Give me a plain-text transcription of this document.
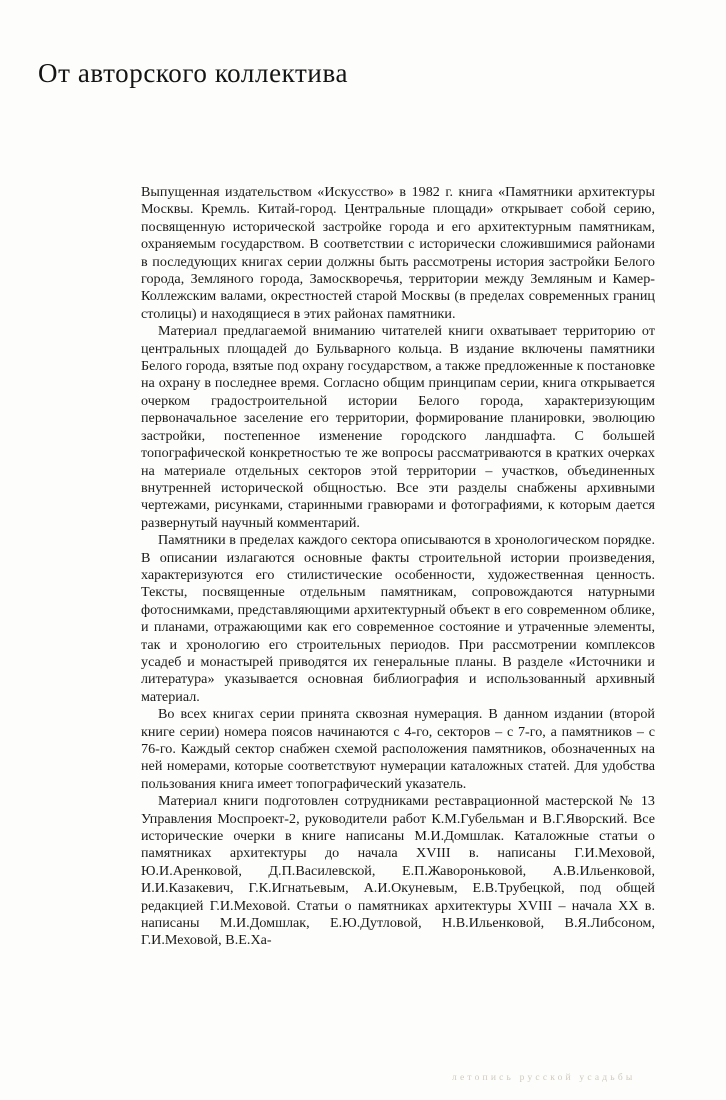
От авторского коллектива

Выпущенная издательством «Искусство» в 1982 г. книга «Памятники архитектуры Москвы. Кремль. Китай-город. Центральные площади» открывает собой серию, посвященную исторической застройке города и его архитектурным памятникам, охраняемым государством. В соответствии с исторически сложившимися районами в последующих книгах серии должны быть рассмотрены история застройки Белого города, Земляного города, Замоскворечья, территории между Земляным и Камер-Коллежским валами, окрестностей старой Москвы (в пределах современных границ столицы) и находящиеся в этих районах памятники.

Материал предлагаемой вниманию читателей книги охватывает территорию от центральных площадей до Бульварного кольца. В издание включены памятники Белого города, взятые под охрану государством, а также предложенные к постановке на охрану в последнее время. Согласно общим принципам серии, книга открывается очерком градостроительной истории Белого города, характеризующим первоначальное заселение его территории, формирование планировки, эволюцию застройки, постепенное изменение городского ландшафта. С большей топографической конкретностью те же вопросы рассматриваются в кратких очерках на материале отдельных секторов этой территории – участков, объединенных внутренней исторической общностью. Все эти разделы снабжены архивными чертежами, рисунками, старинными гравюрами и фотографиями, к которым дается развернутый научный комментарий.

Памятники в пределах каждого сектора описываются в хронологическом порядке. В описании излагаются основные факты строительной истории произведения, характеризуются его стилистические особенности, художественная ценность. Тексты, посвященные отдельным памятникам, сопровождаются натурными фотоснимками, представляющими архитектурный объект в его современном облике, и планами, отражающими как его современное состояние и утраченные элементы, так и хронологию его строительных периодов. При рассмотрении комплексов усадеб и монастырей приводятся их генеральные планы. В разделе «Источники и литература» указывается основная библиография и использованный архивный материал.

Во всех книгах серии принята сквозная нумерация. В данном издании (второй книге серии) номера поясов начинаются с 4-го, секторов – с 7-го, а памятников – с 76-го. Каждый сектор снабжен схемой расположения памятников, обозначенных на ней номерами, которые соответствуют нумерации каталожных статей. Для удобства пользования книга имеет топографический указатель.

Материал книги подготовлен сотрудниками реставрационной мастерской № 13 Управления Моспроект-2, руководители работ К.М.Губельман и В.Г.Яворский. Все исторические очерки в книге написаны М.И.Домшлак. Каталожные статьи о памятниках архитектуры до начала XVIII в. написаны Г.И.Меховой, Ю.И.Аренковой, Д.П.Василевской, Е.П.Жавороньковой, А.В.Ильенковой, И.И.Казакевич, Г.К.Игнатьевым, А.И.Окуневым, Е.В.Трубецкой, под общей редакцией Г.И.Меховой. Статьи о памятниках архитектуры XVIII – начала XX в. написаны М.И.Домшлак, Е.Ю.Дутловой, Н.В.Ильенковой, В.Я.Либсоном, Г.И.Меховой, В.Е.Ха-

летопись русской усадьбы
